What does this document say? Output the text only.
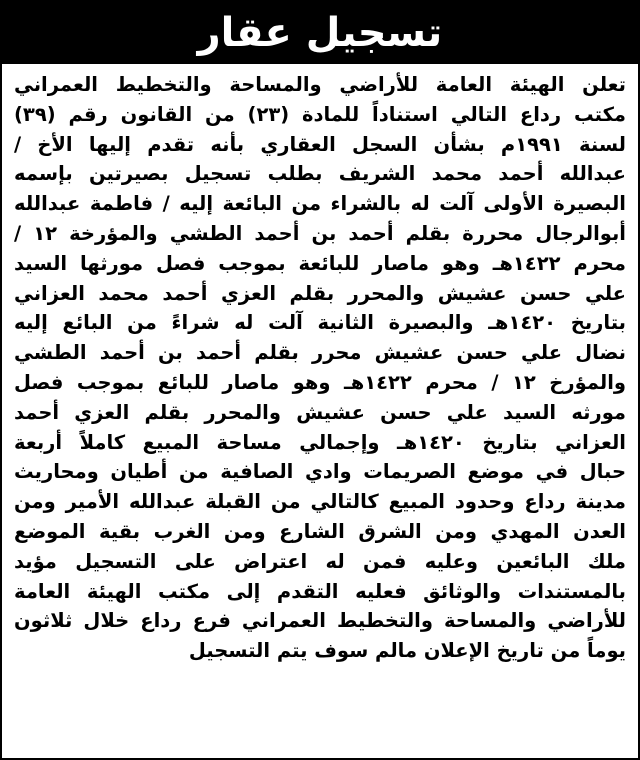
تسجيل عقار
تعلن الهيئة العامة للأراضي والمساحة والتخطيط العمراني
مكتب رداع التالي استناداً للمادة (٢٣) من القانون رقم (٣٩)
لسنة ١٩٩١م بشأن السجل العقاري بأنه تقدم إليها الأخ /
عبدالله أحمد محمد الشريف بطلب تسجيل بصيرتين بإسمه
البصيرة الأولى آلت له بالشراء من البائعة إليه / فاطمة عبدالله
أبوالرجال محررة بقلم أحمد بن أحمد الطشي والمؤرخة ١٢ /
محرم ١٤٢٢هـ وهو ماصار للبائعة بموجب فصل مورثها السيد
علي حسن عشيش والمحرر بقلم العزي أحمد محمد العزاني
بتاريخ ١٤٢٠هـ والبصيرة الثانية آلت له شراءً من البائع إليه
نضال علي حسن عشيش محرر بقلم أحمد بن أحمد الطشي
والمؤرخ ١٢ / محرم ١٤٢٢هـ وهو ماصار للبائع بموجب فصل
مورثه السيد علي حسن عشيش والمحرر بقلم العزي أحمد
العزاني بتاريخ ١٤٢٠هـ وإجمالي مساحة المبيع كاملاً أربعة
حبال في موضع الصريمات وادي الصافية من أطيان ومحاريث
مدينة رداع وحدود المبيع كالتالي من القبلة عبدالله الأمير ومن
العدن المهدي ومن الشرق الشارع ومن الغرب بقية الموضع
ملك البائعين وعليه فمن له اعتراض على التسجيل مؤيد
بالمستندات والوثائق فعليه التقدم إلى مكتب الهيئة العامة
للأراضي والمساحة والتخطيط العمراني فرع رداع خلال ثلاثون
يوماً من تاريخ الإعلان مالم سوف يتم التسجيل
